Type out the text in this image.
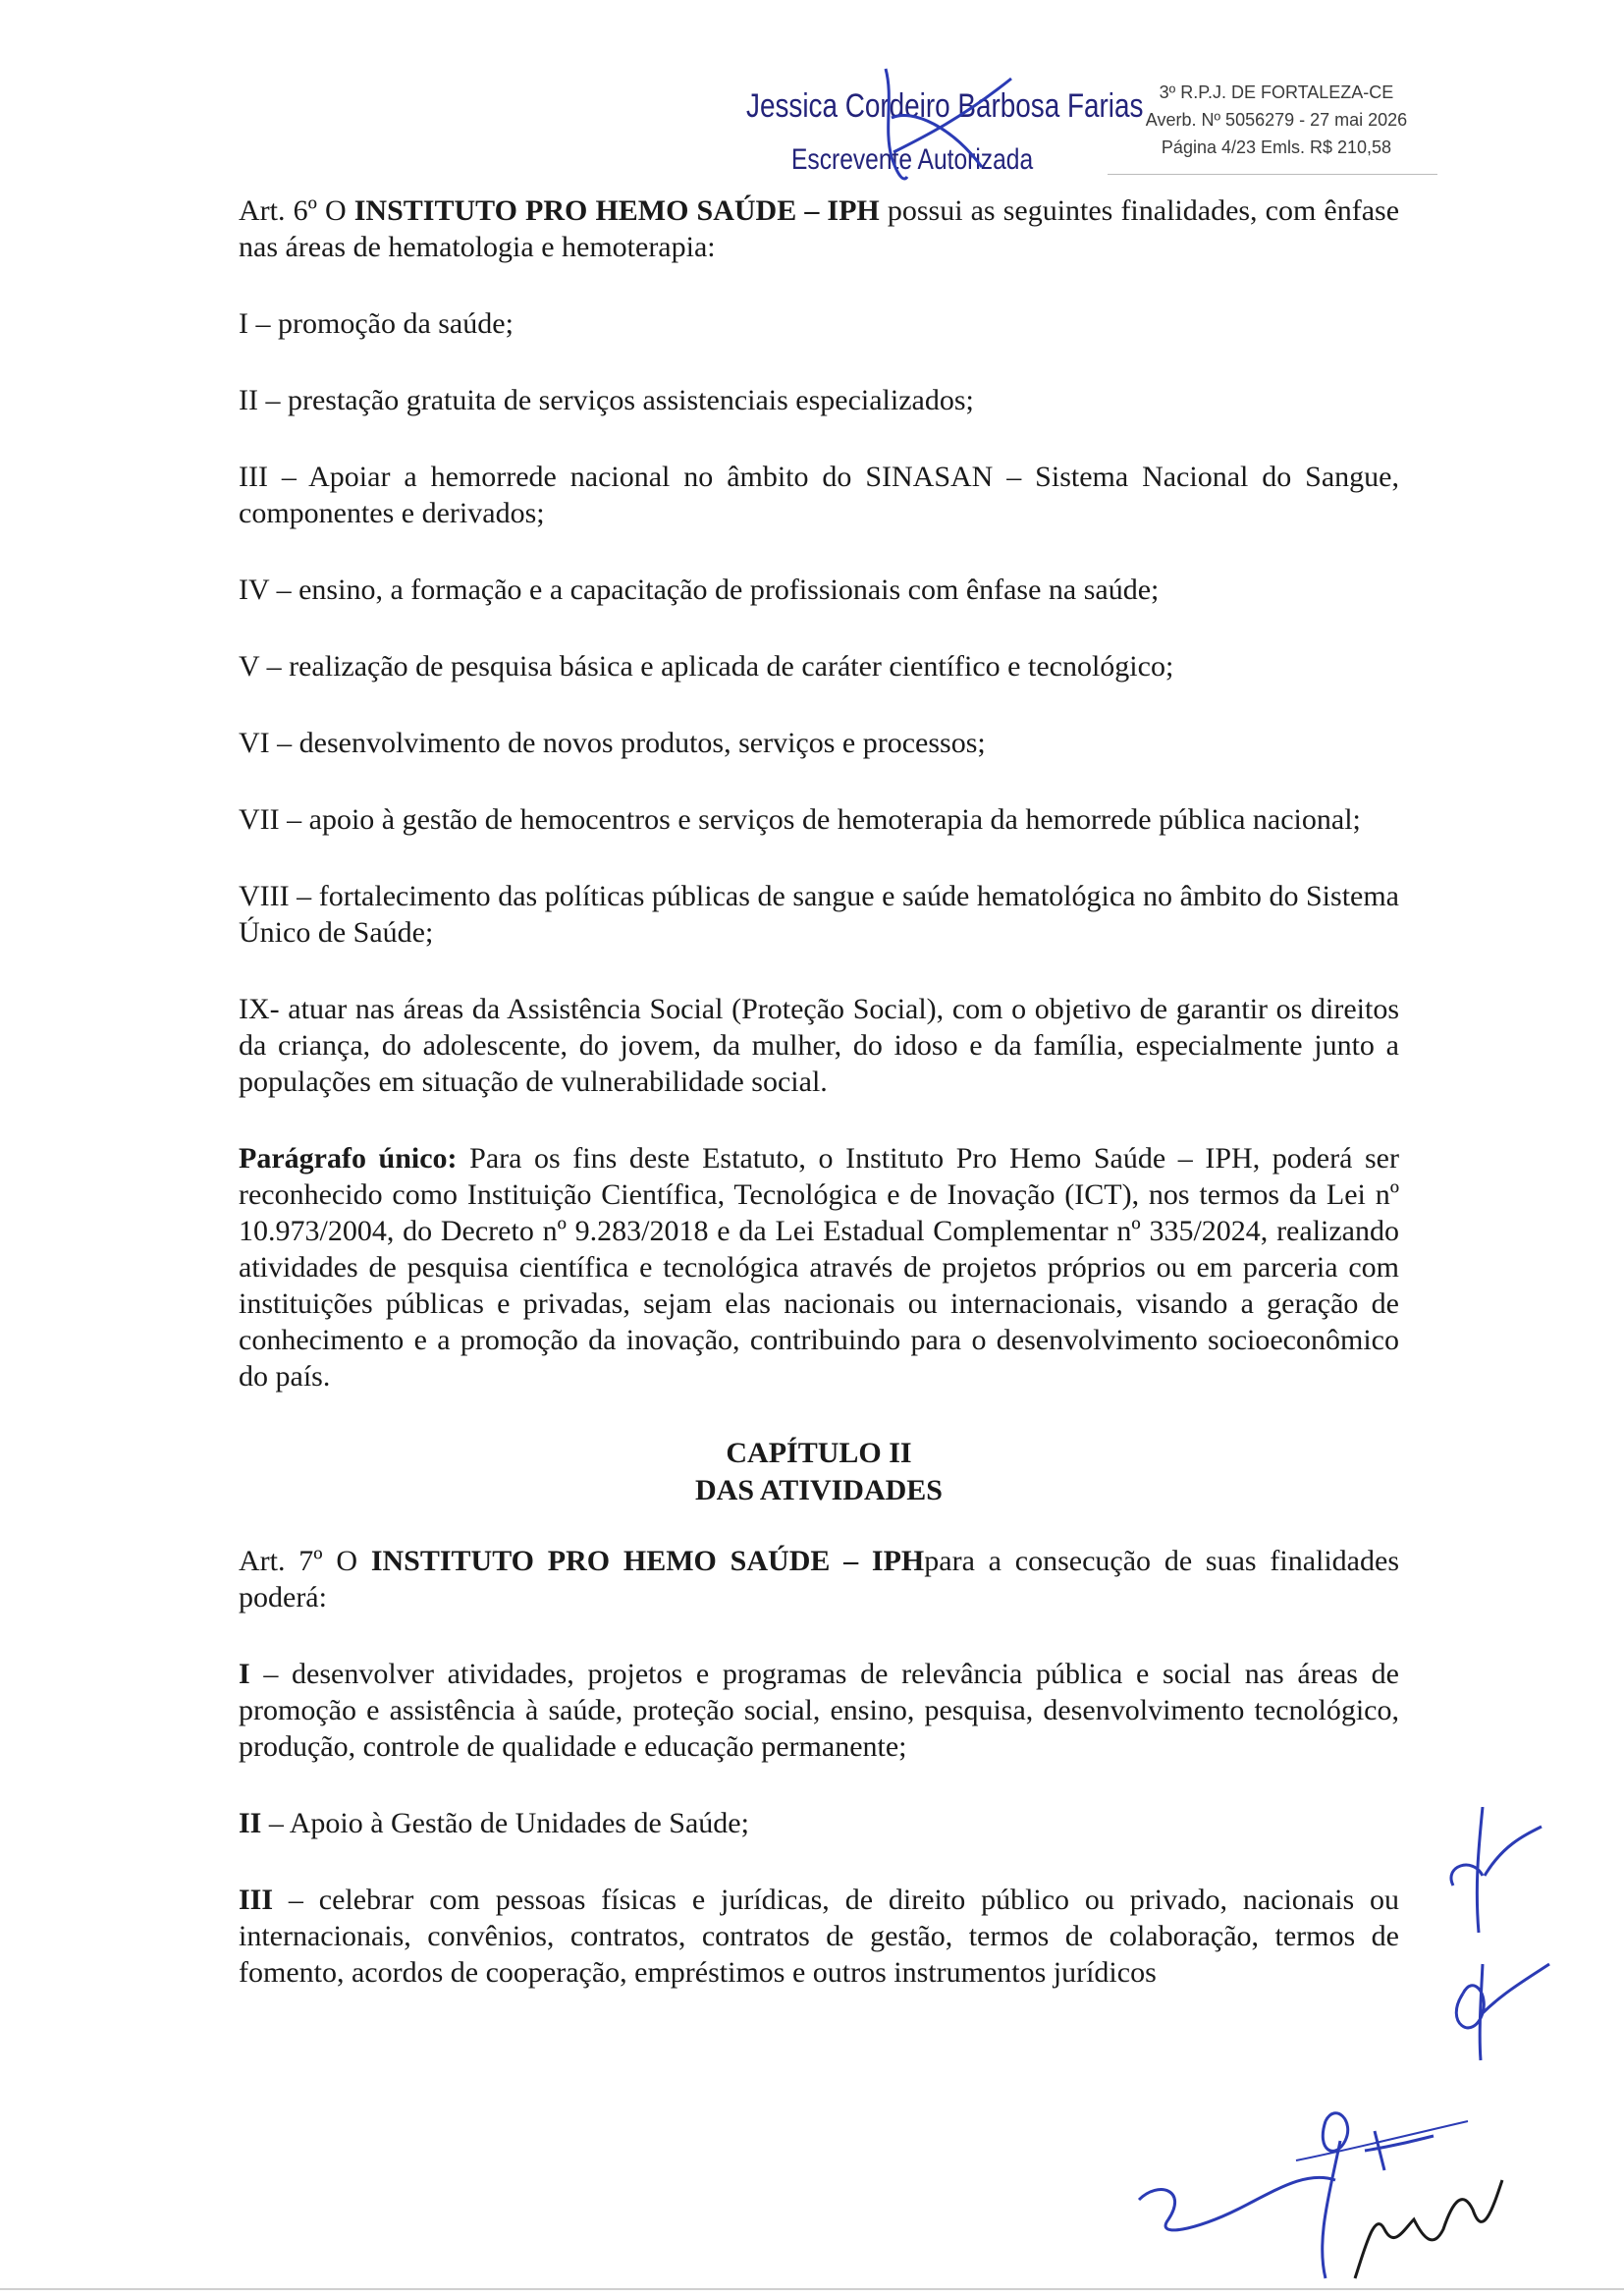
Jessica Cordeiro Barbosa Farias
Escrevente Autorizada
3º R.P.J. DE FORTALEZA-CE
Averb. Nº 5056279 - 27 mai 2026
Página 4/23 Emls. R$ 210,58

Art. 6º O INSTITUTO PRO HEMO SAÚDE – IPH possui as seguintes finalidades, com ênfase nas áreas de hematologia e hemoterapia:

I – promoção da saúde;

II – prestação gratuita de serviços assistenciais especializados;

III – Apoiar a hemorrede nacional no âmbito do SINASAN – Sistema Nacional do Sangue, componentes e derivados;

IV – ensino, a formação e a capacitação de profissionais com ênfase na saúde;

V – realização de pesquisa básica e aplicada de caráter científico e tecnológico;

VI – desenvolvimento de novos produtos, serviços e processos;

VII – apoio à gestão de hemocentros e serviços de hemoterapia da hemorrede pública nacional;

VIII – fortalecimento das políticas públicas de sangue e saúde hematológica no âmbito do Sistema Único de Saúde;

IX- atuar nas áreas da Assistência Social (Proteção Social), com o objetivo de garantir os direitos da criança, do adolescente, do jovem, da mulher, do idoso e da família, especialmente junto a populações em situação de vulnerabilidade social.

Parágrafo único: Para os fins deste Estatuto, o Instituto Pro Hemo Saúde – IPH, poderá ser reconhecido como Instituição Científica, Tecnológica e de Inovação (ICT), nos termos da Lei nº 10.973/2004, do Decreto nº 9.283/2018 e da Lei Estadual Complementar nº 335/2024, realizando atividades de pesquisa científica e tecnológica através de projetos próprios ou em parceria com instituições públicas e privadas, sejam elas nacionais ou internacionais, visando a geração de conhecimento e a promoção da inovação, contribuindo para o desenvolvimento socioeconômico do país.

CAPÍTULO II
DAS ATIVIDADES

Art. 7º O INSTITUTO PRO HEMO SAÚDE – IPHpara a consecução de suas finalidades poderá:

I – desenvolver atividades, projetos e programas de relevância pública e social nas áreas de promoção e assistência à saúde, proteção social, ensino, pesquisa, desenvolvimento tecnológico, produção, controle de qualidade e educação permanente;

II – Apoio à Gestão de Unidades de Saúde;

III – celebrar com pessoas físicas e jurídicas, de direito público ou privado, nacionais ou internacionais, convênios, contratos, contratos de gestão, termos de colaboração, termos de fomento, acordos de cooperação, empréstimos e outros instrumentos jurídicos
